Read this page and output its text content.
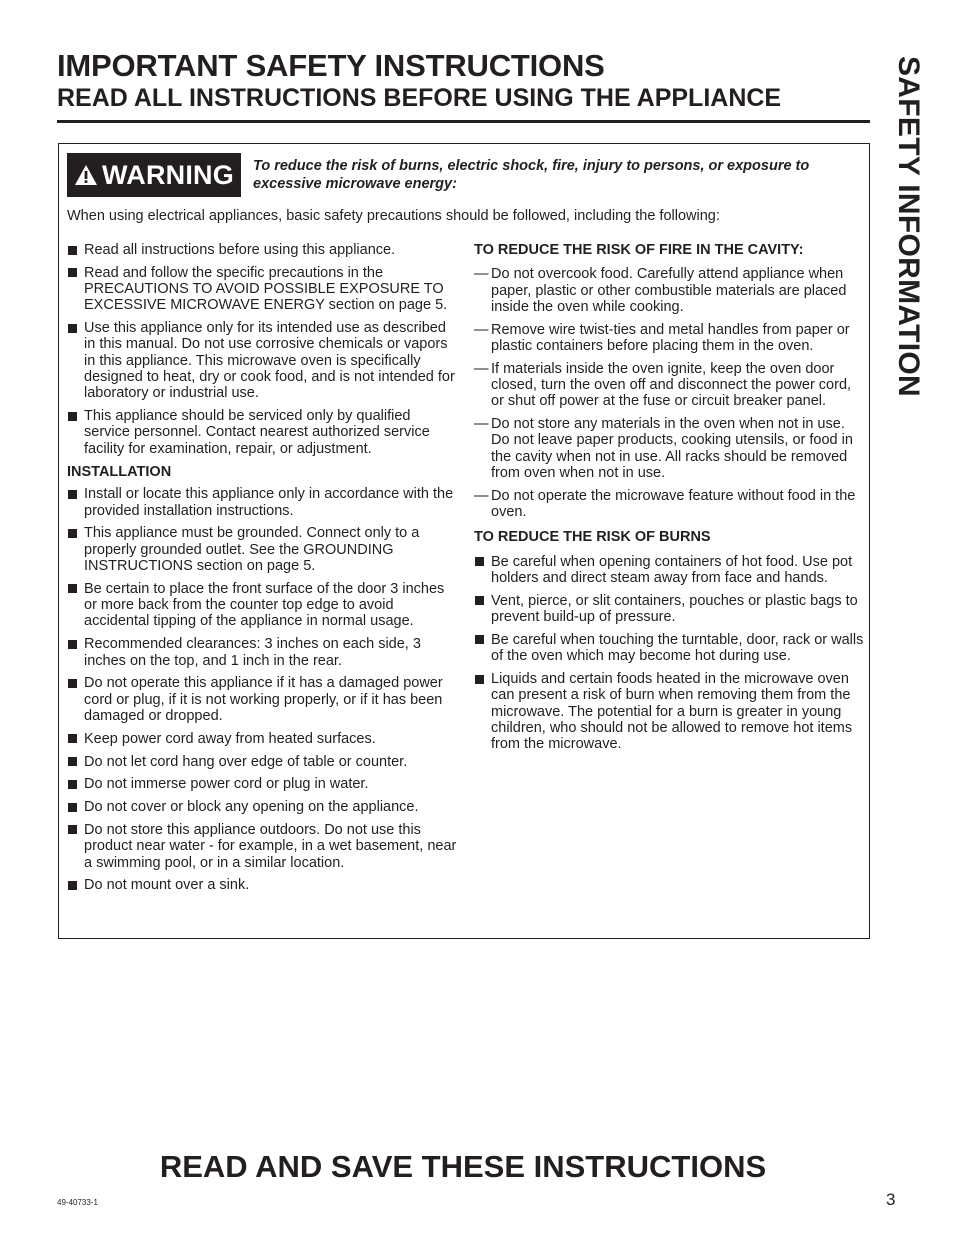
IMPORTANT SAFETY INSTRUCTIONS
READ ALL INSTRUCTIONS BEFORE USING THE APPLIANCE	SAFETY INFORMATION
WARNING To reduce the risk of burns, electric shock, fire, injury to persons, or exposure to excessive microwave energy:
When using electrical appliances, basic safety precautions should be followed, including the following:
Read all instructions before using this appliance.
Read and follow the specific precautions in the PRECAUTIONS TO AVOID POSSIBLE EXPOSURE TO EXCESSIVE MICROWAVE ENERGY section on page 5.
Use this appliance only for its intended use as described in this manual. Do not use corrosive chemicals or vapors in this appliance. This microwave oven is specifically designed to heat, dry or cook food, and is not intended for laboratory or industrial use.
This appliance should be serviced only by qualified service personnel. Contact nearest authorized service facility for examination, repair, or adjustment.
INSTALLATION
Install or locate this appliance only in accordance with the provided installation instructions.
This appliance must be grounded. Connect only to a properly grounded outlet. See the GROUNDING INSTRUCTIONS section on page 5.
Be certain to place the front surface of the door 3 inches or more back from the counter top edge to avoid accidental tipping of the appliance in normal usage.
Recommended clearances: 3 inches on each side, 3 inches on the top, and 1 inch in the rear.
Do not operate this appliance if it has a damaged power cord or plug, if it is not working properly, or if it has been damaged or dropped.
Keep power cord away from heated surfaces.
Do not let cord hang over edge of table or counter.
Do not immerse power cord or plug in water.
Do not cover or block any opening on the appliance.
Do not store this appliance outdoors. Do not use this product near water - for example, in a wet basement, near a swimming pool, or in a similar location.
Do not mount over a sink.
TO REDUCE THE RISK OF FIRE IN THE CAVITY:
— Do not overcook food. Carefully attend appliance when paper, plastic or other combustible materials are placed inside the oven while cooking.
— Remove wire twist-ties and metal handles from paper or plastic containers before placing them in the oven.
— If materials inside the oven ignite, keep the oven door closed, turn the oven off and disconnect the power cord, or shut off power at the fuse or circuit breaker panel.
— Do not store any materials in the oven when not in use. Do not leave paper products, cooking utensils, or food in the cavity when not in use. All racks should be removed from oven when not in use.
— Do not operate the microwave feature without food in the oven.
TO REDUCE THE RISK OF BURNS
Be careful when opening containers of hot food. Use pot holders and direct steam away from face and hands.
Vent, pierce, or slit containers, pouches or plastic bags to prevent build-up of pressure.
Be careful when touching the turntable, door, rack or walls of the oven which may become hot during use.
Liquids and certain foods heated in the microwave oven can present a risk of burn when removing them from the microwave. The potential for a burn is greater in young children, who should not be allowed to remove hot items from the microwave.
READ AND SAVE THESE INSTRUCTIONS
49-40733-1	3
